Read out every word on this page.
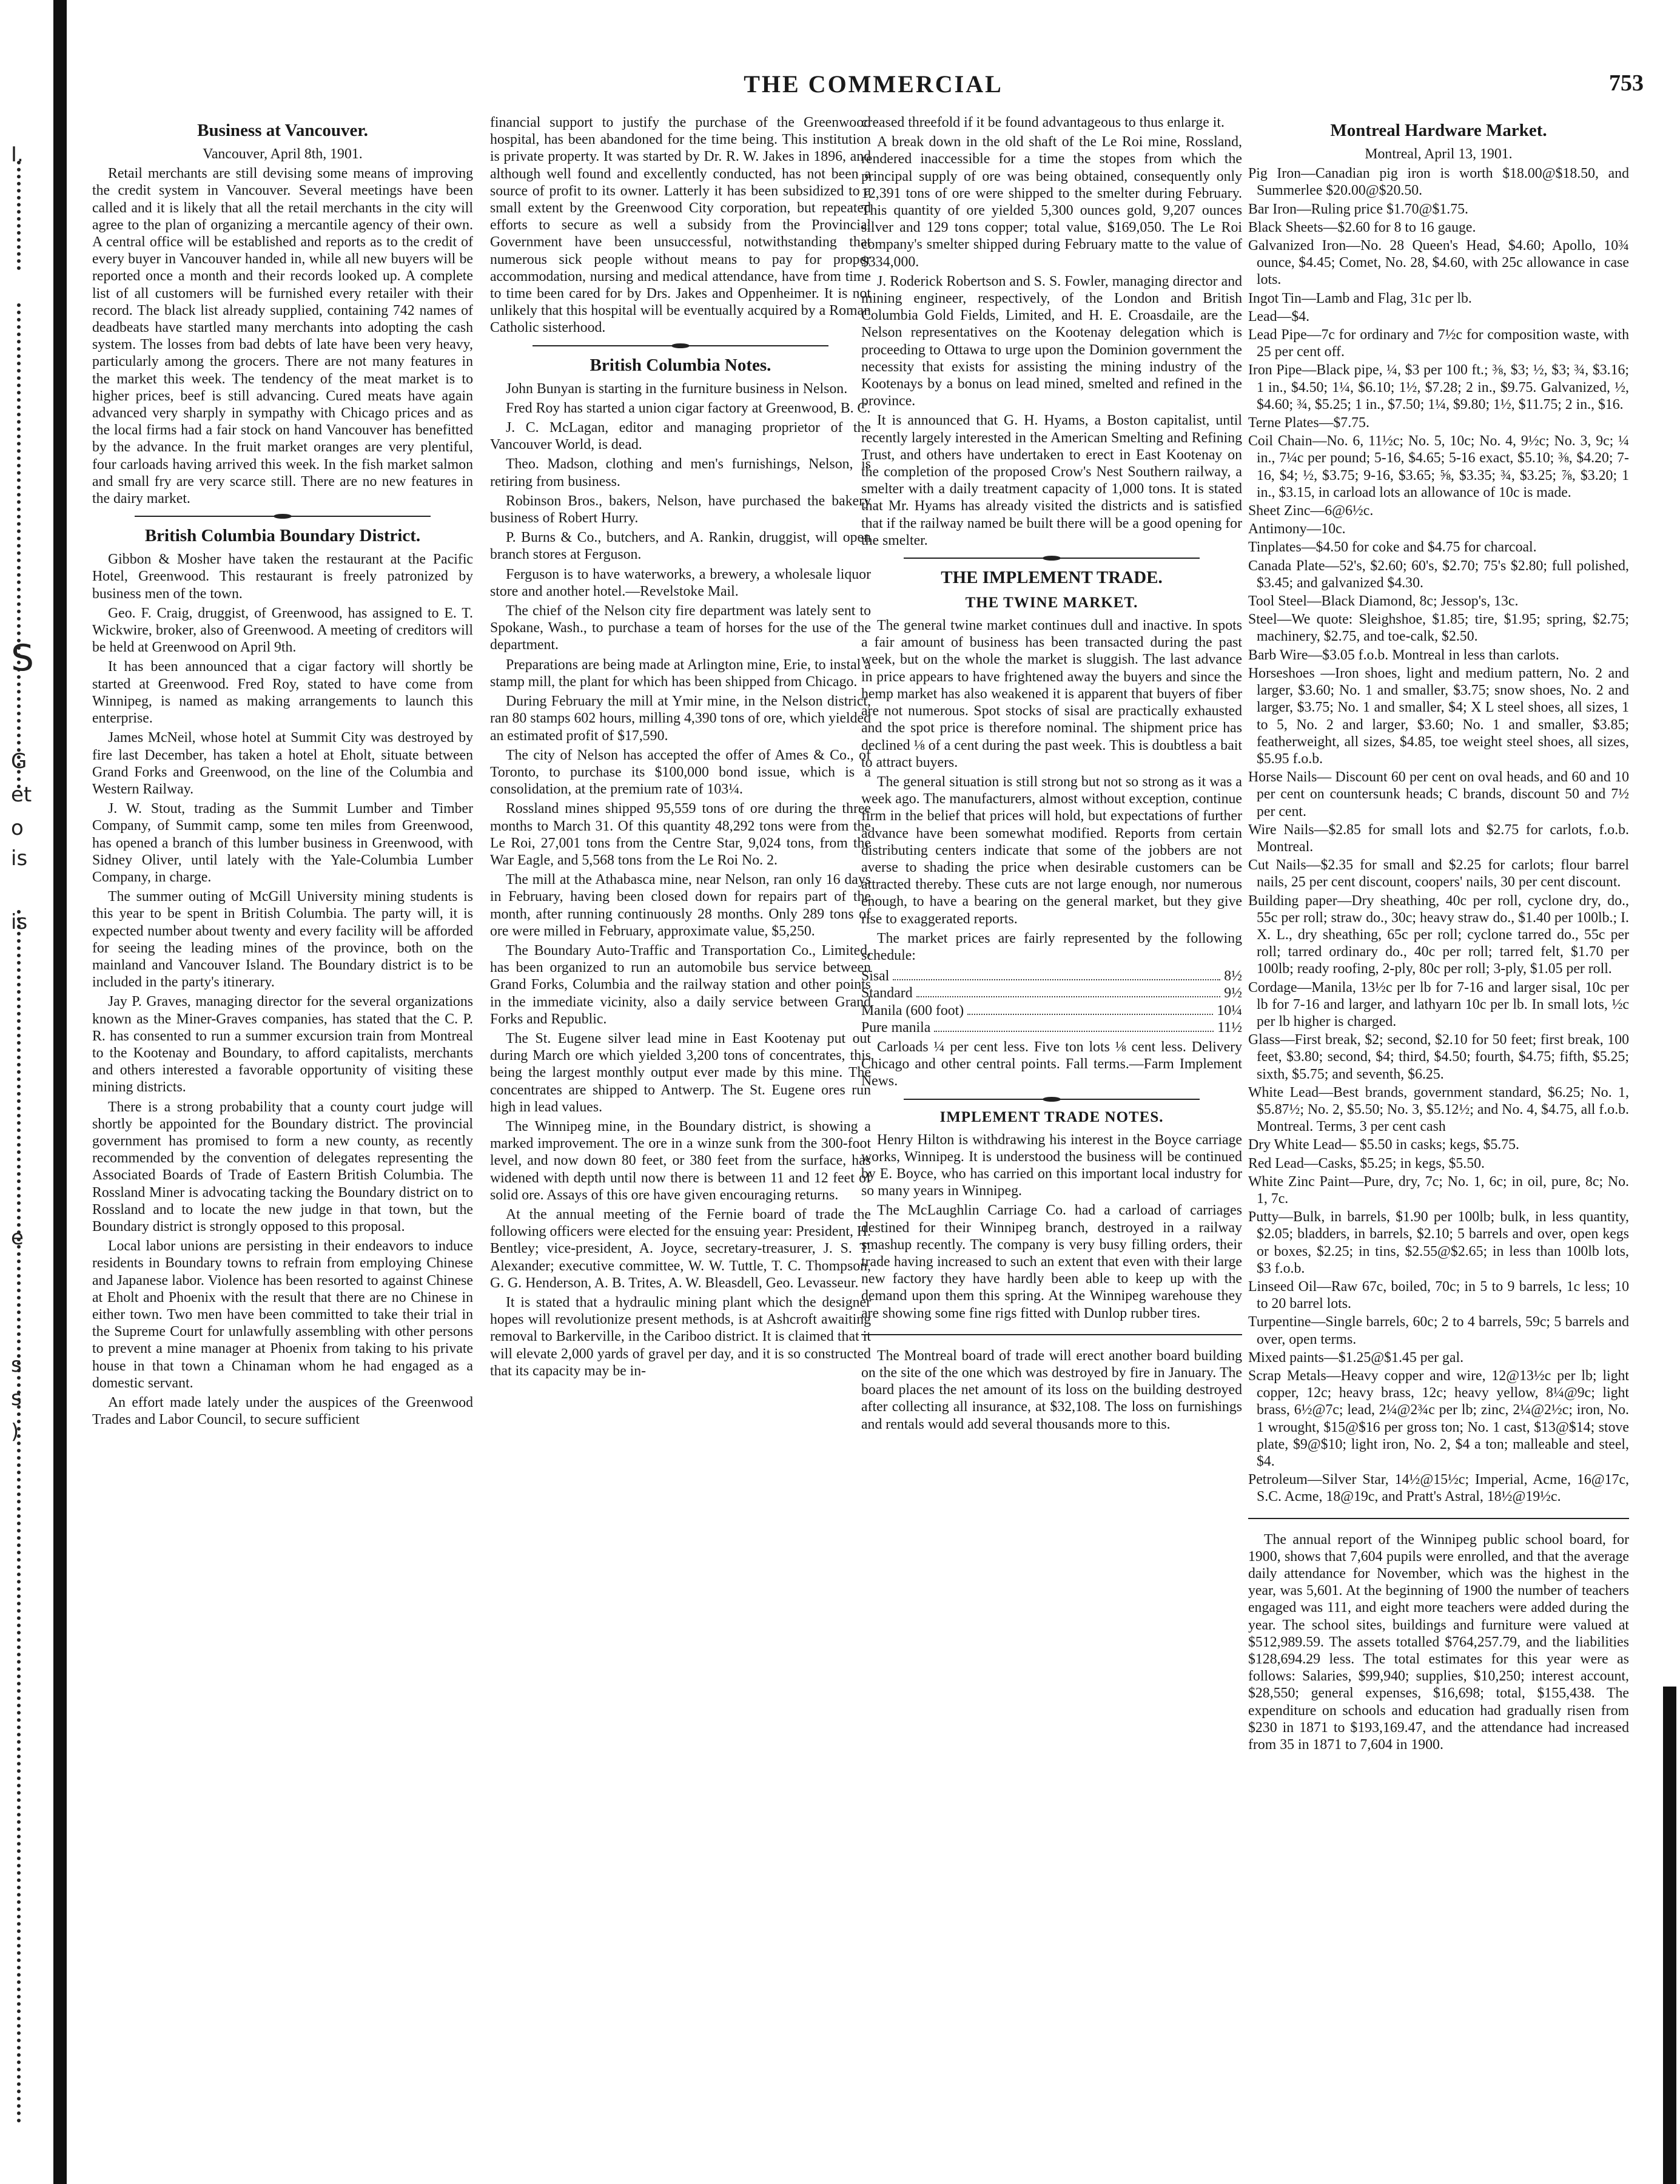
I.
S
G
et
o
is
is
e
s
s
)
THE COMMERCIAL	753
Business at Vancouver.
Vancouver, April 8th, 1901.

Retail merchants are still devising some means of improving the credit system in Vancouver. Several meetings have been called and it is likely that all the retail merchants in the city will agree to the plan of organizing a mercantile agency of their own. A central office will be established and reports as to the credit of every buyer in Vancouver handed in, while all new buyers will be reported once a month and their records looked up. A complete list of all customers will be furnished every retailer with their record. The black list already supplied, containing 742 names of deadbeats have startled many merchants into adopting the cash system. The losses from bad debts of late have been very heavy, particularly among the grocers. There are not many features in the market this week. The tendency of the meat market is to higher prices, beef is still advancing. Cured meats have again advanced very sharply in sympathy with Chicago prices and as the local firms had a fair stock on hand Vancouver has benefitted by the advance. In the fruit market oranges are very plentiful, four carloads having arrived this week. In the fish market salmon and small fry are very scarce still. There are no new features in the dairy market.

British Columbia Boundary District.

Gibbon & Mosher have taken the restaurant at the Pacific Hotel, Greenwood. This restaurant is freely patronized by business men of the town.

Geo. F. Craig, druggist, of Greenwood, has assigned to E. T. Wickwire, broker, also of Greenwood. A meeting of creditors will be held at Greenwood on April 9th.

It has been announced that a cigar factory will shortly be started at Greenwood. Fred Roy, stated to have come from Winnipeg, is named as making arrangements to launch this enterprise.

James McNeil, whose hotel at Summit City was destroyed by fire last December, has taken a hotel at Eholt, situate between Grand Forks and Greenwood, on the line of the Columbia and Western Railway.

J. W. Stout, trading as the Summit Lumber and Timber Company, of Summit camp, some ten miles from Greenwood, has opened a branch of this lumber business in Greenwood, with Sidney Oliver, until lately with the Yale-Columbia Lumber Company, in charge.

The summer outing of McGill University mining students is this year to be spent in British Columbia. The party will, it is expected number about twenty and every facility will be afforded for seeing the leading mines of the province, both on the mainland and Vancouver Island. The Boundary district is to be included in the party's itinerary.

Jay P. Graves, managing director for the several organizations known as the Miner-Graves companies, has stated that the C. P. R. has consented to run a summer excursion train from Montreal to the Kootenay and Boundary, to afford capitalists, merchants and others interested a favorable opportunity of visiting these mining districts.

There is a strong probability that a county court judge will shortly be appointed for the Boundary district. The provincial government has promised to form a new county, as recently recommended by the convention of delegates representing the Associated Boards of Trade of Eastern British Columbia. The Rossland Miner is advocating tacking the Boundary district on to Rossland and to locate the new judge in that town, but the Boundary district is strongly opposed to this proposal.

Local labor unions are persisting in their endeavors to induce residents in Boundary towns to refrain from employing Chinese and Japanese labor. Violence has been resorted to against Chinese at Eholt and Phoenix with the result that there are no Chinese in either town. Two men have been committed to take their trial in the Supreme Court for unlawfully assembling with other persons to prevent a mine manager at Phoenix from taking to his private house in that town a Chinaman whom he had engaged as a domestic servant.

An effort made lately under the auspices of the Greenwood Trades and Labor Council, to secure sufficient

financial support to justify the purchase of the Greenwood hospital, has been abandoned for the time being. This institution is private property. It was started by Dr. R. W. Jakes in 1896, and although well found and excellently conducted, has not been a source of profit to its owner. Latterly it has been subsidized to a small extent by the Greenwood City corporation, but repeated efforts to secure as well a subsidy from the Provincial Government have been unsuccessful, notwithstanding that numerous sick people without means to pay for proper accommodation, nursing and medical attendance, have from time to time been cared for by Drs. Jakes and Oppenheimer. It is not unlikely that this hospital will be eventually acquired by a Roman Catholic sisterhood.

British Columbia Notes.

John Bunyan is starting in the furniture business in Nelson.

Fred Roy has started a union cigar factory at Greenwood, B. C.

J. C. McLagan, editor and managing proprietor of the Vancouver World, is dead.

Theo. Madson, clothing and men's furnishings, Nelson, is retiring from business.

Robinson Bros., bakers, Nelson, have purchased the bakery business of Robert Hurry.

P. Burns & Co., butchers, and A. Rankin, druggist, will open branch stores at Ferguson.

Ferguson is to have waterworks, a brewery, a wholesale liquor store and another hotel.—Revelstoke Mail.

The chief of the Nelson city fire department was lately sent to Spokane, Wash., to purchase a team of horses for the use of the department.

Preparations are being made at Arlington mine, Erie, to instal a stamp mill, the plant for which has been shipped from Chicago.

During February the mill at Ymir mine, in the Nelson district, ran 80 stamps 602 hours, milling 4,390 tons of ore, which yielded an estimated profit of $17,590.

The city of Nelson has accepted the offer of Ames & Co., of Toronto, to purchase its $100,000 bond issue, which is a consolidation, at the premium rate of 103¼.

Rossland mines shipped 95,559 tons of ore during the three months to March 31. Of this quantity 48,292 tons were from the Le Roi, 27,001 tons from the Centre Star, 9,024 tons, from the War Eagle, and 5,568 tons from the Le Roi No. 2.

The mill at the Athabasca mine, near Nelson, ran only 16 days in February, having been closed down for repairs part of the month, after running continuously 28 months. Only 289 tons of ore were milled in February, approximate value, $5,250.

The Boundary Auto-Traffic and Transportation Co., Limited, has been organized to run an automobile bus service between Grand Forks, Columbia and the railway station and other points in the immediate vicinity, also a daily service between Grand Forks and Republic.

The St. Eugene silver lead mine in East Kootenay put out during March ore which yielded 3,200 tons of concentrates, this being the largest monthly output ever made by this mine. The concentrates are shipped to Antwerp. The St. Eugene ores run high in lead values.

The Winnipeg mine, in the Boundary district, is showing a marked improvement. The ore in a winze sunk from the 300-foot level, and now down 80 feet, or 380 feet from the surface, has widened with depth until now there is between 11 and 12 feet of solid ore. Assays of this ore have given encouraging returns.

At the annual meeting of the Fernie board of trade the following officers were elected for the ensuing year: President, H. Bentley; vice-president, A. Joyce, secretary-treasurer, J. S. T. Alexander; executive committee, W. W. Tuttle, T. C. Thompson, G. G. Henderson, A. B. Trites, A. W. Bleasdell, Geo. Levasseur.

It is stated that a hydraulic mining plant which the designer hopes will revolutionize present methods, is at Ashcroft awaiting removal to Barkerville, in the Cariboo district. It is claimed that it will elevate 2,000 yards of gravel per day, and it is so constructed that its capacity may be in-

creased threefold if it be found advantageous to thus enlarge it.

A break down in the old shaft of the Le Roi mine, Rossland, rendered inaccessible for a time the stopes from which the principal supply of ore was being obtained, consequently only 12,391 tons of ore were shipped to the smelter during February. This quantity of ore yielded 5,300 ounces gold, 9,207 ounces silver and 129 tons copper; total value, $169,050. The Le Roi company's smelter shipped during February matte to the value of $334,000.

J. Roderick Robertson and S. S. Fowler, managing director and mining engineer, respectively, of the London and British Columbia Gold Fields, Limited, and H. E. Croasdaile, are the Nelson representatives on the Kootenay delegation which is proceeding to Ottawa to urge upon the Dominion government the necessity that exists for assisting the mining industry of the Kootenays by a bonus on lead mined, smelted and refined in the province.

It is announced that G. H. Hyams, a Boston capitalist, until recently largely interested in the American Smelting and Refining Trust, and others have undertaken to erect in East Kootenay on the completion of the proposed Crow's Nest Southern railway, a smelter with a daily treatment capacity of 1,000 tons. It is stated that Mr. Hyams has already visited the districts and is satisfied that if the railway named be built there will be a good opening for the smelter.

THE IMPLEMENT TRADE.
THE TWINE MARKET.

The general twine market continues dull and inactive. In spots a fair amount of business has been transacted during the past week, but on the whole the market is sluggish. The last advance in price appears to have frightened away the buyers and since the hemp market has also weakened it is apparent that buyers of fiber are not numerous. Spot stocks of sisal are practically exhausted and the spot price is therefore nominal. The shipment price has declined ⅛ of a cent during the past week. This is doubtless a bait to attract buyers.

The general situation is still strong but not so strong as it was a week ago. The manufacturers, almost without exception, continue firm in the belief that prices will hold, but expectations of further advance have been somewhat modified. Reports from certain distributing centers indicate that some of the jobbers are not averse to shading the price when desirable customers can be attracted thereby. These cuts are not large enough, nor numerous enough, to have a bearing on the general market, but they give rise to exaggerated reports.

The market prices are fairly represented by the following schedule:

Sisal	8½
Standard	9½
Manila (600 foot)	10¼
Pure manila	11½

Carloads ¼ per cent less. Five ton lots ⅛ cent less. Delivery Chicago and other central points. Fall terms.—Farm Implement News.

IMPLEMENT TRADE NOTES.

Henry Hilton is withdrawing his interest in the Boyce carriage works, Winnipeg. It is understood the business will be continued by E. Boyce, who has carried on this important local industry for so many years in Winnipeg.

The McLaughlin Carriage Co. had a carload of carriages destined for their Winnipeg branch, destroyed in a railway smashup recently. The company is very busy filling orders, their trade having increased to such an extent that even with their large new factory they have hardly been able to keep up with the demand upon them this spring. At the Winnipeg warehouse they are showing some fine rigs fitted with Dunlop rubber tires.

The Montreal board of trade will erect another board building on the site of the one which was destroyed by fire in January. The board places the net amount of its loss on the building destroyed after collecting all insurance, at $32,108. The loss on furnishings and rentals would add several thousands more to this.

Montreal Hardware Market.
Montreal, April 13, 1901.

Pig Iron—Canadian pig iron is worth $18.00@$18.50, and Summerlee $20.00@$20.50.

Bar Iron—Ruling price $1.70@$1.75.

Black Sheets—$2.60 for 8 to 16 gauge.

Galvanized Iron—No. 28 Queen's Head, $4.60; Apollo, 10¾ ounce, $4.45; Comet, No. 28, $4.60, with 25c allowance in case lots.

Ingot Tin—Lamb and Flag, 31c per lb.

Lead—$4.

Lead Pipe—7c for ordinary and 7½c for composition waste, with 25 per cent off.

Iron Pipe—Black pipe, ¼, $3 per 100 ft.; ⅜, $3; ½, $3; ¾, $3.16; 1 in., $4.50; 1¼, $6.10; 1½, $7.28; 2 in., $9.75. Galvanized, ½, $4.60; ¾, $5.25; 1 in., $7.50; 1¼, $9.80; 1½, $11.75; 2 in., $16.

Terne Plates—$7.75.

Coil Chain—No. 6, 11½c; No. 5, 10c; No. 4, 9½c; No. 3, 9c; ¼ in., 7¼c per pound; 5-16, $4.65; 5-16 exact, $5.10; ⅜, $4.20; 7-16, $4; ½, $3.75; 9-16, $3.65; ⅝, $3.35; ¾, $3.25; ⅞, $3.20; 1 in., $3.15, in carload lots an allowance of 10c is made.

Sheet Zinc—6@6½c.

Antimony—10c.

Tinplates—$4.50 for coke and $4.75 for charcoal.

Canada Plate—52's, $2.60; 60's, $2.70; 75's $2.80; full polished, $3.45; and galvanized $4.30.

Tool Steel—Black Diamond, 8c; Jessop's, 13c.

Steel—We quote: Sleighshoe, $1.85; tire, $1.95; spring, $2.75; machinery, $2.75, and toe-calk, $2.50.

Barb Wire—$3.05 f.o.b. Montreal in less than carlots.

Horseshoes —Iron shoes, light and medium pattern, No. 2 and larger, $3.60; No. 1 and smaller, $3.75; snow shoes, No. 2 and larger, $3.75; No. 1 and smaller, $4; X L steel shoes, all sizes, 1 to 5, No. 2 and larger, $3.60; No. 1 and smaller, $3.85; featherweight, all sizes, $4.85, toe weight steel shoes, all sizes, $5.95 f.o.b.

Horse Nails— Discount 60 per cent on oval heads, and 60 and 10 per cent on countersunk heads; C brands, discount 50 and 7½ per cent.

Wire Nails—$2.85 for small lots and $2.75 for carlots, f.o.b. Montreal.

Cut Nails—$2.35 for small and $2.25 for carlots; flour barrel nails, 25 per cent discount, coopers' nails, 30 per cent discount.

Building paper—Dry sheathing, 40c per roll, cyclone dry, do., 55c per roll; straw do., 30c; heavy straw do., $1.40 per 100lb.; I. X. L., dry sheathing, 65c per roll; cyclone tarred do., 55c per roll; tarred ordinary do., 40c per roll; tarred felt, $1.70 per 100lb; ready roofing, 2-ply, 80c per roll; 3-ply, $1.05 per roll.

Cordage—Manila, 13½c per lb for 7-16 and larger sisal, 10c per lb for 7-16 and larger, and lathyarn 10c per lb. In small lots, ½c per lb higher is charged.

Glass—First break, $2; second, $2.10 for 50 feet; first break, 100 feet, $3.80; second, $4; third, $4.50; fourth, $4.75; fifth, $5.25; sixth, $5.75; and seventh, $6.25.

White Lead—Best brands, government standard, $6.25; No. 1, $5.87½; No. 2, $5.50; No. 3, $5.12½; and No. 4, $4.75, all f.o.b. Montreal. Terms, 3 per cent cash

Dry White Lead— $5.50 in casks; kegs, $5.75.

Red Lead—Casks, $5.25; in kegs, $5.50.

White Zinc Paint—Pure, dry, 7c; No. 1, 6c; in oil, pure, 8c; No. 1, 7c.

Putty—Bulk, in barrels, $1.90 per 100lb; bulk, in less quantity, $2.05; bladders, in barrels, $2.10; 5 barrels and over, open kegs or boxes, $2.25; in tins, $2.55@$2.65; in less than 100lb lots, $3 f.o.b.

Linseed Oil—Raw 67c, boiled, 70c; in 5 to 9 barrels, 1c less; 10 to 20 barrel lots.

Turpentine—Single barrels, 60c; 2 to 4 barrels, 59c; 5 barrels and over, open terms.

Mixed paints—$1.25@$1.45 per gal.

Scrap Metals—Heavy copper and wire, 12@13½c per lb; light copper, 12c; heavy brass, 12c; heavy yellow, 8¼@9c; light brass, 6½@7c; lead, 2¼@2¾c per lb; zinc, 2¼@2½c; iron, No. 1 wrought, $15@$16 per gross ton; No. 1 cast, $13@$14; stove plate, $9@$10; light iron, No. 2, $4 a ton; malleable and steel, $4.

Petroleum—Silver Star, 14½@15½c; Imperial, Acme, 16@17c, S.C. Acme, 18@19c, and Pratt's Astral, 18½@19½c.

The annual report of the Winnipeg public school board, for 1900, shows that 7,604 pupils were enrolled, and that the average daily attendance for November, which was the highest in the year, was 5,601. At the beginning of 1900 the number of teachers engaged was 111, and eight more teachers were added during the year. The school sites, buildings and furniture were valued at $512,989.59. The assets totalled $764,257.79, and the liabilities $128,694.29 less. The total estimates for this year were as follows: Salaries, $99,940; supplies, $10,250; interest account, $28,550; general expenses, $16,698; total, $155,438. The expenditure on schools and education had gradually risen from $230 in 1871 to $193,169.47, and the attendance had increased from 35 in 1871 to 7,604 in 1900.
